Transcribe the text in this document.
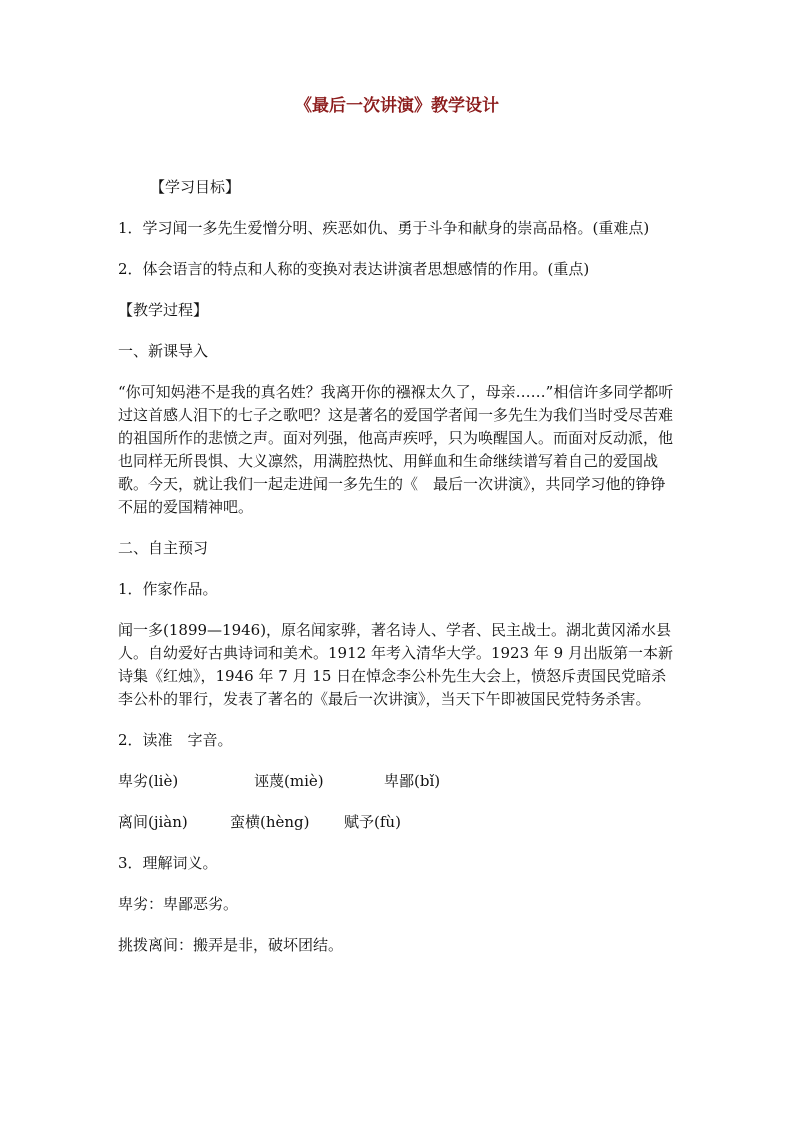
《最后一次讲演》教学设计

【学习目标】

1．学习闻一多先生爱憎分明、疾恶如仇、勇于斗争和献身的崇高品格。(重难点)

2．体会语言的特点和人称的变换对表达讲演者思想感情的作用。(重点)

【教学过程】

一、新课导入

“你可知妈港不是我的真名姓？我离开你的襁褓太久了，母亲……”相信许多同学都听　过这首感人泪下的七子之歌吧？这是著名的爱国学者闻一多先生为我们当时受尽苦难的祖国所作的悲愤之声。面对列强，他高声疾呼，只为唤醒国人。而面对反动派，他也同样无所畏惧、大义凛然，用满腔热忱、用鲜血和生命继续谱写着自己的爱国战歌。今天，就让我们一起走进闻一多先生的《　最后一次讲演》，共同学习他的铮铮不屈的爱国精神吧。

二、自主预习

1．作家作品。

闻一多(1899—1946)，原名闻家骅，著名诗人、学者、民主战士。湖北黄冈浠水县人。自幼爱好古典诗词和美术。1912 年考入清华大学。1923 年 9 月出版第一本新诗集《红烛》，1946 年 7 月 15 日在悼念李公朴先生大会上，愤怒斥责国民党暗杀李公朴的罪行，发表了著名的《最后一次讲演》，当天下午即被国民党特务杀害。

2．读准　字音。

卑劣(liè)	诬蔑(miè)	卑鄙(bǐ)
离间(jiàn)	蛮横(hèng)	赋予(fù)

3．理解词义。

卑劣：卑鄙恶劣。

挑拨离间：搬弄是非，破坏团结。
